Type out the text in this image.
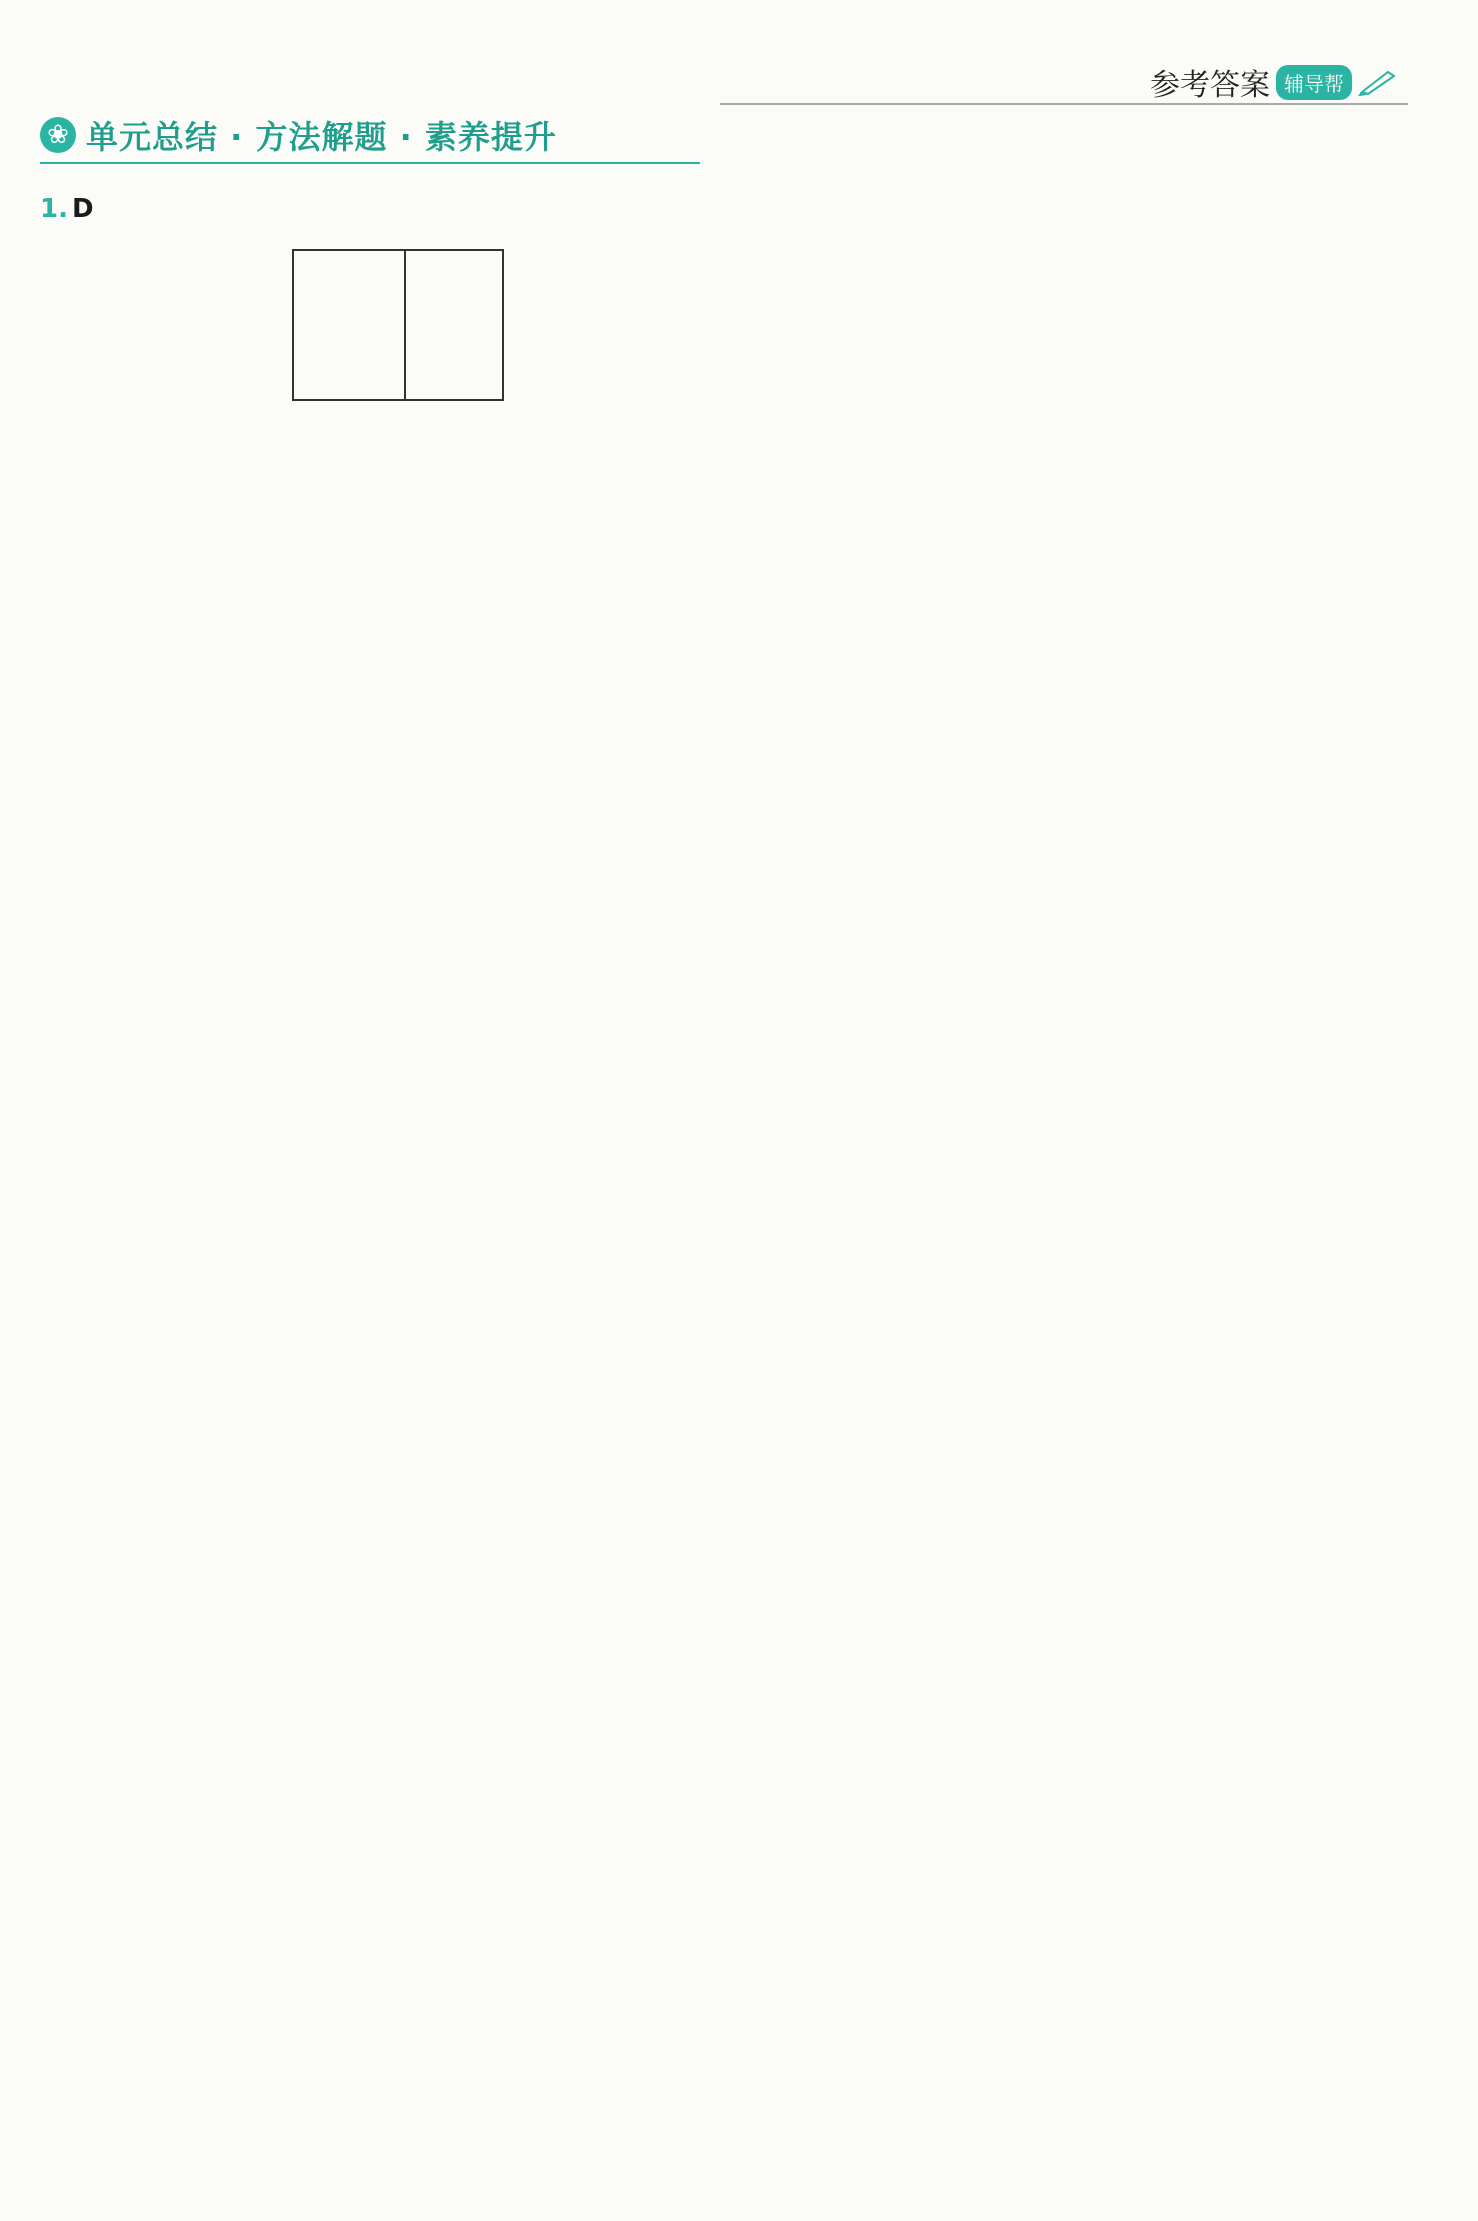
参考答案 辅导帮
❀ 单元总结 · 方法解题 · 素养提升
1. D
